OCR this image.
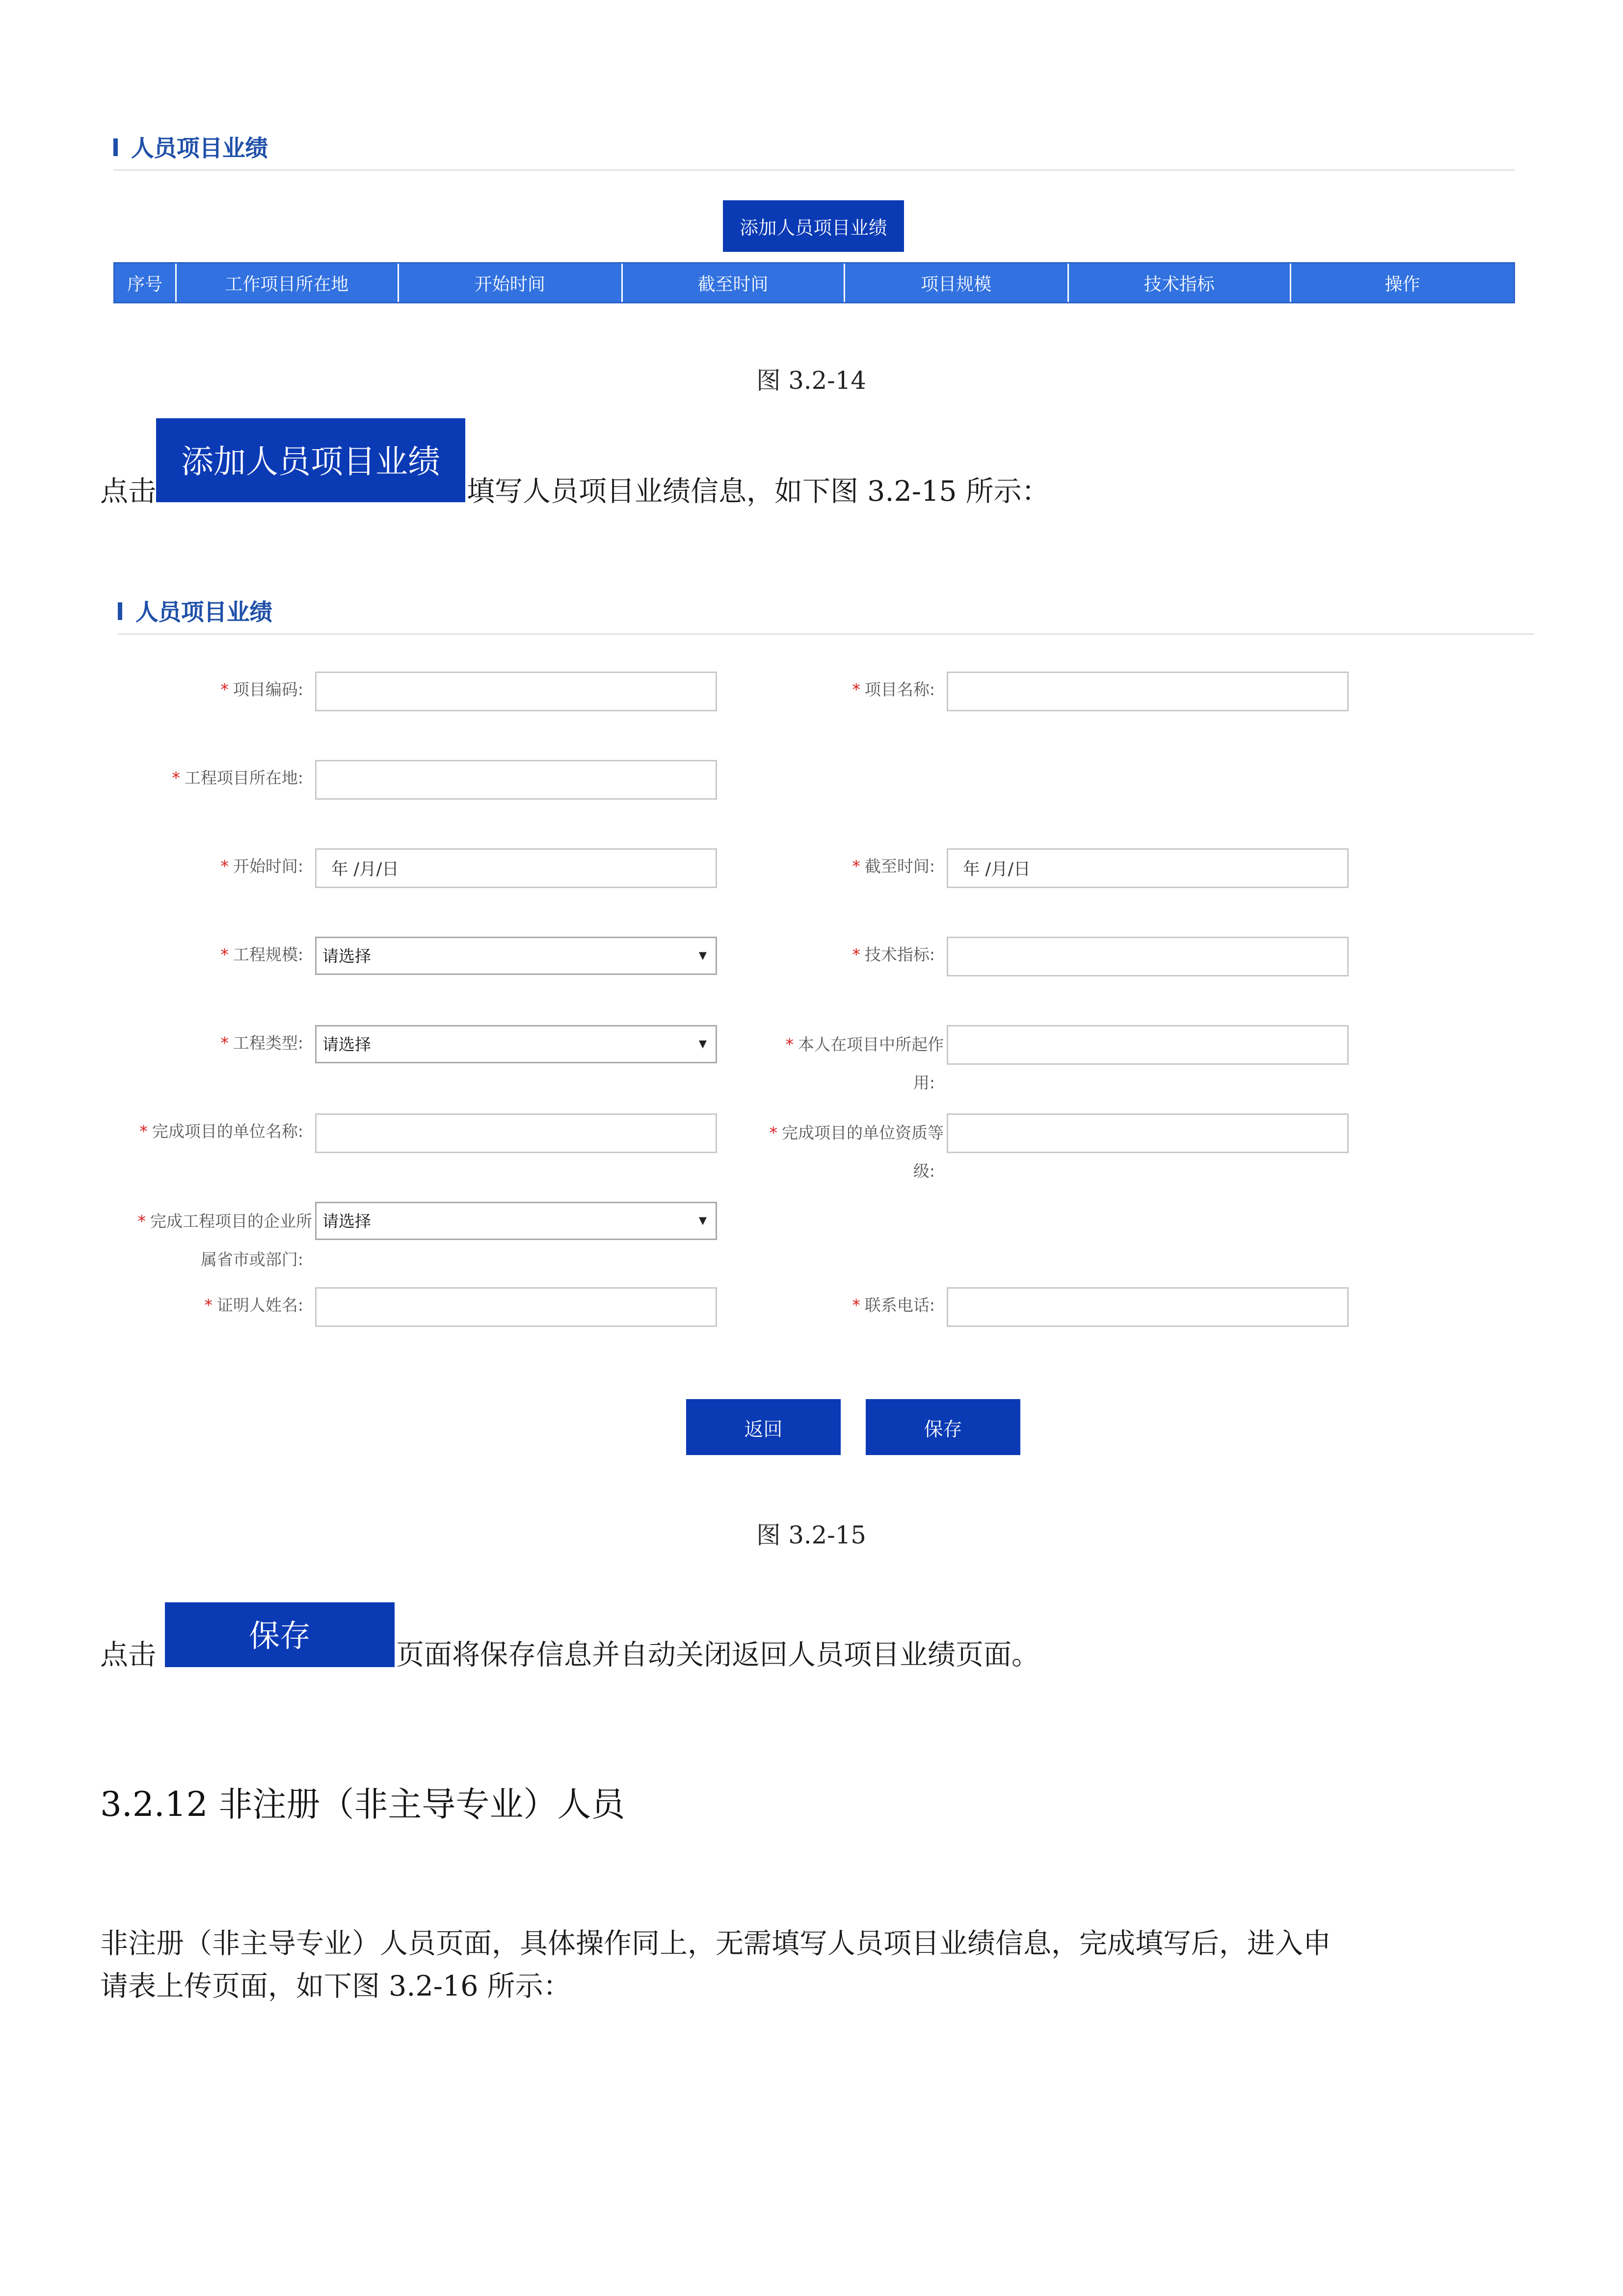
人员项目业绩
添加人员项目业绩
序号	工作项目所在地	开始时间	截至时间	项目规模	技术指标	操作
图 3.2-14
点击
添加人员项目业绩
填写人员项目业绩信息，如下图 3.2-15 所示：
人员项目业绩
* 项目编码:	* 项目名称:
* 工程项目所在地:
* 开始时间:	年 /月/日	* 截至时间:	年 /月/日
* 工程规模:	请选择	▼	* 技术指标:
* 工程类型:	请选择	▼	* 本人在项目中所起作
用:
* 完成项目的单位名称:	* 完成项目的单位资质等
级:
* 完成工程项目的企业所
属省市或部门:
请选择	▼
* 证明人姓名:	* 联系电话:
返回	保存
图 3.2-15
点击
保存
页面将保存信息并自动关闭返回人员项目业绩页面。
3.2.12 非注册（非主导专业）人员
非注册（非主导专业）人员页面，具体操作同上，无需填写人员项目业绩信息，完成填写后，进入申
请表上传页面，如下图 3.2-16 所示：
